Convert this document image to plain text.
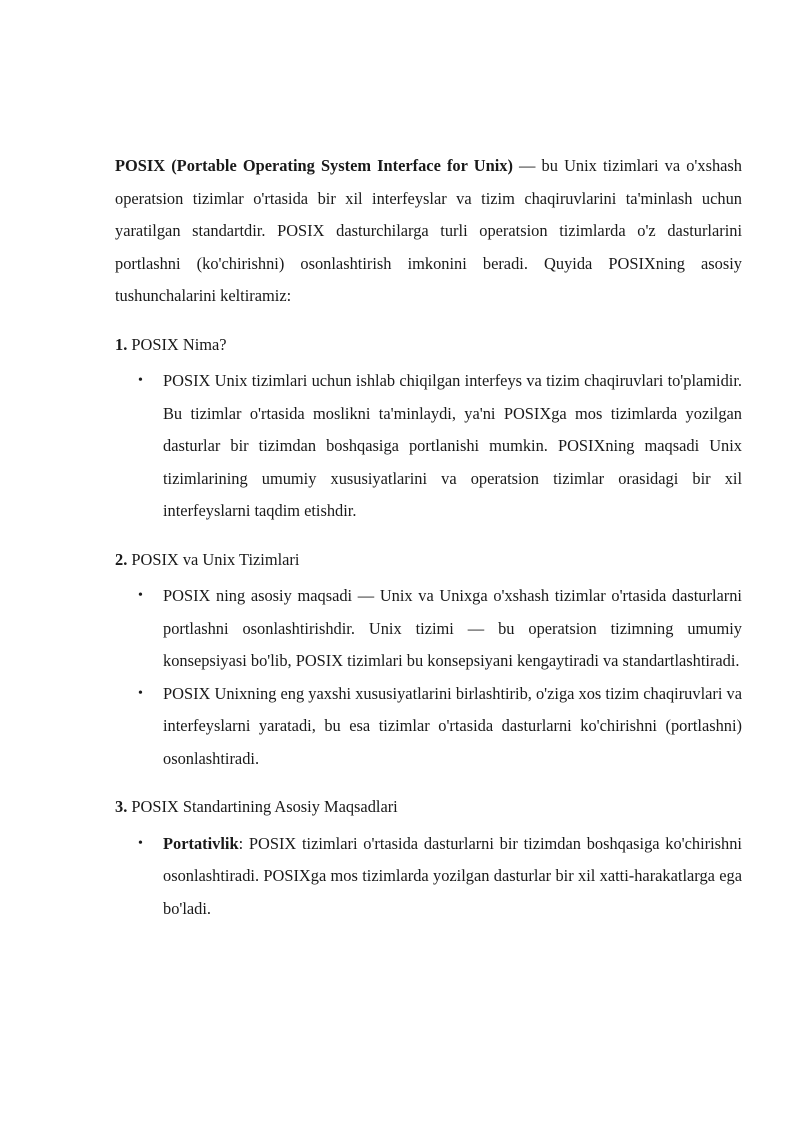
POSIX (Portable Operating System Interface for Unix) — bu Unix tizimlari va o'xshash operatsion tizimlar o'rtasida bir xil interfeyslar va tizim chaqiruvlarini ta'minlash uchun yaratilgan standartdir. POSIX dasturchilarga turli operatsion tizimlarda o'z dasturlarini portlashni (ko'chirishni) osonlashtirish imkonini beradi. Quyida POSIXning asosiy tushunchalarini keltiramiz:

1. POSIX Nima?

• POSIX Unix tizimlari uchun ishlab chiqilgan interfeys va tizim chaqiruvlari to'plamidir. Bu tizimlar o'rtasida moslikni ta'minlaydi, ya'ni POSIXga mos tizimlarda yozilgan dasturlar bir tizimdan boshqasiga portlanishi mumkin. POSIXning maqsadi Unix tizimlarining umumiy xususiyatlarini va operatsion tizimlar orasidagi bir xil interfeyslarni taqdim etishdir.

2. POSIX va Unix Tizimlari

• POSIX ning asosiy maqsadi — Unix va Unixga o'xshash tizimlar o'rtasida dasturlarni portlashni osonlashtirishdir. Unix tizimi — bu operatsion tizimning umumiy konsepsiyasi bo'lib, POSIX tizimlari bu konsepsiyani kengaytiradi va standartlashtiradi.
• POSIX Unixning eng yaxshi xususiyatlarini birlashtirib, o'ziga xos tizim chaqiruvlari va interfeyslarni yaratadi, bu esa tizimlar o'rtasida dasturlarni ko'chirishni (portlashni) osonlashtiradi.

3. POSIX Standartining Asosiy Maqsadlari

• Portativlik: POSIX tizimlari o'rtasida dasturlarni bir tizimdan boshqasiga ko'chirishni osonlashtiradi. POSIXga mos tizimlarda yozilgan dasturlar bir xil xatti-harakatlarga ega bo'ladi.
